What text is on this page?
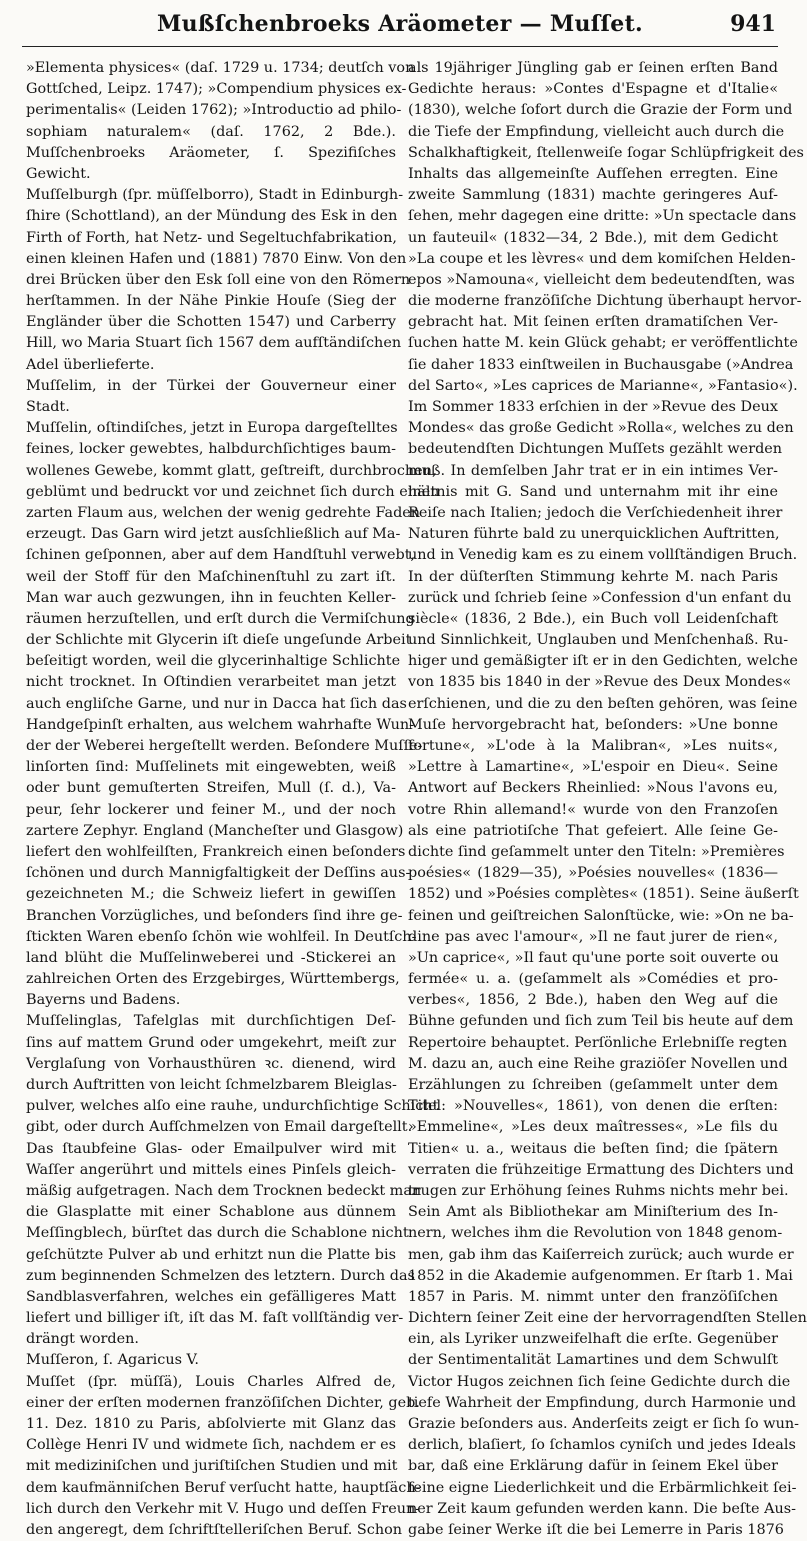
Mußſchenbroeks Aräometer — Muſſet.	941
»Elementa physices« (daſ. 1729 u. 1734; deutſch von
Gottſched, Leipz. 1747); »Compendium physices ex-
perimentalis« (Leiden 1762); »Introductio ad philo-
sophiam naturalem« (daſ. 1762, 2 Bde.).
Muſſchenbroeks Aräometer, ſ. Spezifiſches
Gewicht.
Muſſelburgh (ſpr. müſſelborro), Stadt in Edinburgh-
ſhire (Schottland), an der Mündung des Esk in den
Firth of Forth, hat Netz- und Segeltuchfabrikation,
einen kleinen Hafen und (1881) 7870 Einw. Von den
drei Brücken über den Esk ſoll eine von den Römern
herſtammen. In der Nähe Pinkie Houſe (Sieg der
Engländer über die Schotten 1547) und Carberry
Hill, wo Maria Stuart ſich 1567 dem aufſtändiſchen
Adel überlieferte.
Muſſelim, in der Türkei der Gouverneur einer
Stadt.
Muſſelin, oſtindiſches, jetzt in Europa dargeſtelltes
feines, locker gewebtes, halbdurchſichtiges baum-
wollenes Gewebe, kommt glatt, geſtreift, durchbrochen,
geblümt und bedruckt vor und zeichnet ſich durch einen
zarten Flaum aus, welchen der wenig gedrehte Faden
erzeugt. Das Garn wird jetzt ausſchließlich auf Ma-
ſchinen geſponnen, aber auf dem Handſtuhl verwebt,
weil der Stoff für den Maſchinenſtuhl zu zart iſt.
Man war auch gezwungen, ihn in feuchten Keller-
räumen herzuſtellen, und erſt durch die Vermiſchung
der Schlichte mit Glycerin iſt dieſe ungeſunde Arbeit
beſeitigt worden, weil die glycerinhaltige Schlichte
nicht trocknet. In Oſtindien verarbeitet man jetzt
auch engliſche Garne, und nur in Dacca hat ſich das
Handgeſpinſt erhalten, aus welchem wahrhafte Wun-
der der Weberei hergeſtellt werden. Beſondere Muſſe-
linſorten ſind: Muſſelinets mit eingewebten, weiß
oder bunt gemuſterten Streifen, Mull (ſ. d.), Va-
peur, ſehr lockerer und feiner M., und der noch
zartere Zephyr. England (Mancheſter und Glasgow)
liefert den wohlfeilſten, Frankreich einen beſonders
ſchönen und durch Mannigfaltigkeit der Deſſins aus-
gezeichneten M.; die Schweiz liefert in gewiſſen
Branchen Vorzügliches, und beſonders ſind ihre ge-
ſtickten Waren ebenſo ſchön wie wohlfeil. In Deutſch-
land blüht die Muſſelinweberei und -Stickerei an
zahlreichen Orten des Erzgebirges, Württembergs,
Bayerns und Badens.
Muſſelinglas, Tafelglas mit durchſichtigen Deſ-
ſins auf mattem Grund oder umgekehrt, meiſt zur
Verglaſung von Vorhausthüren ꝛc. dienend, wird
durch Auftritten von leicht ſchmelzbarem Bleiglas-
pulver, welches alſo eine rauhe, undurchſichtige Schicht
gibt, oder durch Aufſchmelzen von Email dargeſtellt.
Das ſtaubfeine Glas- oder Emailpulver wird mit
Waſſer angerührt und mittels eines Pinſels gleich-
mäßig aufgetragen. Nach dem Trocknen bedeckt man
die Glasplatte mit einer Schablone aus dünnem
Meſſingblech, bürſtet das durch die Schablone nicht
geſchützte Pulver ab und erhitzt nun die Platte bis
zum beginnenden Schmelzen des letztern. Durch das
Sandblasverfahren, welches ein gefälligeres Matt
liefert und billiger iſt, iſt das M. faſt vollſtändig ver-
drängt worden.
Muſſeron, ſ. Agaricus V.
Muſſet (ſpr. müſſä), Louis Charles Alfred de,
einer der erſten modernen franzöſiſchen Dichter, geb.
11. Dez. 1810 zu Paris, abſolvierte mit Glanz das
Collège Henri IV und widmete ſich, nachdem er es
mit mediziniſchen und juriſtiſchen Studien und mit
dem kaufmänniſchen Beruf verſucht hatte, hauptſäch-
lich durch den Verkehr mit V. Hugo und deſſen Freun-
den angeregt, dem ſchriftſtelleriſchen Beruf. Schon
als 19jähriger Jüngling gab er ſeinen erſten Band
Gedichte heraus: »Contes d'Espagne et d'Italie«
(1830), welche ſofort durch die Grazie der Form und
die Tiefe der Empfindung, vielleicht auch durch die
Schalkhaftigkeit, ſtellenweiſe ſogar Schlüpfrigkeit des
Inhalts das allgemeinſte Aufſehen erregten. Eine
zweite Sammlung (1831) machte geringeres Auf-
ſehen, mehr dagegen eine dritte: »Un spectacle dans
un fauteuil« (1832—34, 2 Bde.), mit dem Gedicht
»La coupe et les lèvres« und dem komiſchen Helden-
epos »Namouna«, vielleicht dem bedeutendſten, was
die moderne franzöſiſche Dichtung überhaupt hervor-
gebracht hat. Mit ſeinen erſten dramatiſchen Ver-
ſuchen hatte M. kein Glück gehabt; er veröffentlichte
ſie daher 1833 einſtweilen in Buchausgabe (»Andrea
del Sarto«, »Les caprices de Marianne«, »Fantasio«).
Im Sommer 1833 erſchien in der »Revue des Deux
Mondes« das große Gedicht »Rolla«, welches zu den
bedeutendſten Dichtungen Muſſets gezählt werden
muß. In demſelben Jahr trat er in ein intimes Ver-
hältnis mit G. Sand und unternahm mit ihr eine
Reiſe nach Italien; jedoch die Verſchiedenheit ihrer
Naturen führte bald zu unerquicklichen Auftritten,
und in Venedig kam es zu einem vollſtändigen Bruch.
In der düſterſten Stimmung kehrte M. nach Paris
zurück und ſchrieb ſeine »Confession d'un enfant du
siècle« (1836, 2 Bde.), ein Buch voll Leidenſchaft
und Sinnlichkeit, Unglauben und Menſchenhaß. Ru-
higer und gemäßigter iſt er in den Gedichten, welche
von 1835 bis 1840 in der »Revue des Deux Mondes«
erſchienen, und die zu den beſten gehören, was ſeine
Muſe hervorgebracht hat, beſonders: »Une bonne
fortune«, »L'ode à la Malibran«, »Les nuits«,
»Lettre à Lamartine«, »L'espoir en Dieu«. Seine
Antwort auf Beckers Rheinlied: »Nous l'avons eu,
votre Rhin allemand!« wurde von den Franzoſen
als eine patriotiſche That gefeiert. Alle ſeine Ge-
dichte ſind geſammelt unter den Titeln: »Premières
poésies« (1829—35), »Poésies nouvelles« (1836—
1852) und »Poésies complètes« (1851). Seine äußerſt
feinen und geiſtreichen Salonſtücke, wie: »On ne ba-
dine pas avec l'amour«, »Il ne faut jurer de rien«,
»Un caprice«, »Il faut qu'une porte soit ouverte ou
fermée« u. a. (geſammelt als »Comédies et pro-
verbes«, 1856, 2 Bde.), haben den Weg auf die
Bühne gefunden und ſich zum Teil bis heute auf dem
Repertoire behauptet. Perſönliche Erlebniſſe regten
M. dazu an, auch eine Reihe graziöſer Novellen und
Erzählungen zu ſchreiben (geſammelt unter dem
Titel: »Nouvelles«, 1861), von denen die erſten:
»Emmeline«, »Les deux maîtresses«, »Le fils du
Titien« u. a., weitaus die beſten ſind; die ſpätern
verraten die frühzeitige Ermattung des Dichters und
trugen zur Erhöhung ſeines Ruhms nichts mehr bei.
Sein Amt als Bibliothekar am Miniſterium des In-
nern, welches ihm die Revolution von 1848 genom-
men, gab ihm das Kaiſerreich zurück; auch wurde er
1852 in die Akademie aufgenommen. Er ſtarb 1. Mai
1857 in Paris. M. nimmt unter den franzöſiſchen
Dichtern ſeiner Zeit eine der hervorragendſten Stellen
ein, als Lyriker unzweifelhaft die erſte. Gegenüber
der Sentimentalität Lamartines und dem Schwulſt
Victor Hugos zeichnen ſich ſeine Gedichte durch die
tiefe Wahrheit der Empfindung, durch Harmonie und
Grazie beſonders aus. Anderſeits zeigt er ſich ſo wun-
derlich, blaſiert, ſo ſchamlos cyniſch und jedes Ideals
bar, daß eine Erklärung dafür in ſeinem Ekel über
ſeine eigne Liederlichkeit und die Erbärmlichkeit ſei-
ner Zeit kaum gefunden werden kann. Die beſte Aus-
gabe ſeiner Werke iſt die bei Lemerre in Paris 1876
